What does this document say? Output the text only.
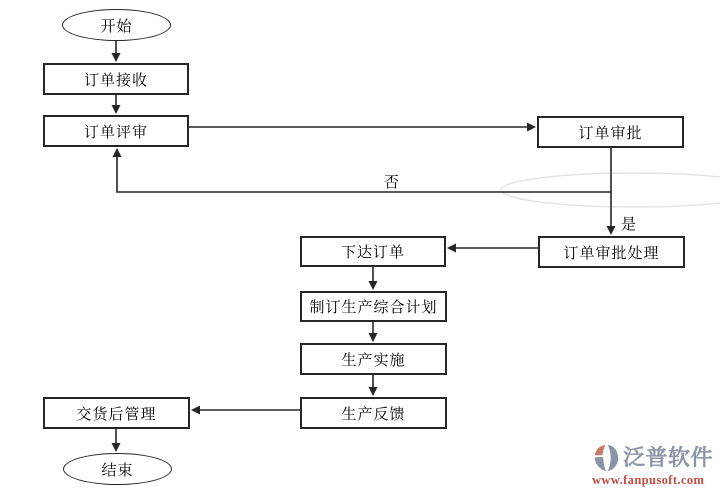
开始
订单接收
订单评审	订单审批
订单审批处理
下达订单
制订生产综合计划
生产实施
生产反馈
交货后管理
结束
否
是
泛普软件
www.fanpusoft.com
